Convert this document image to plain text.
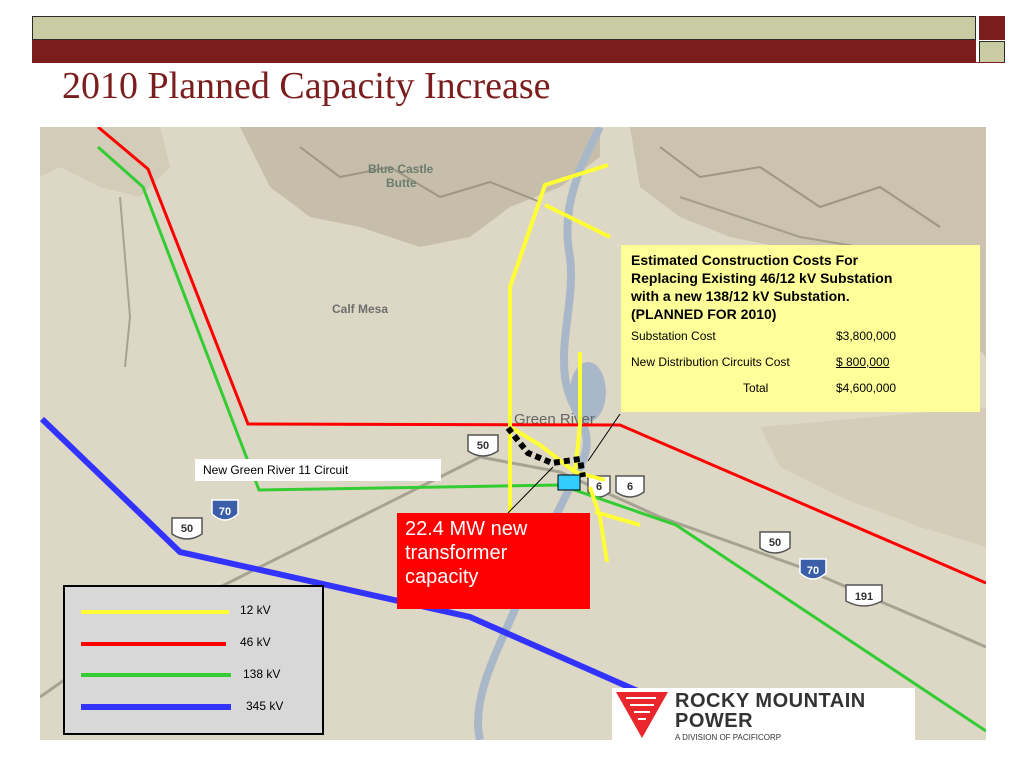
2010 Planned Capacity Increase
Blue Castle
Butte
Calf Mesa
Green River
50
70
50
191
6
50
70
6
Estimated Construction Costs For
Replacing Existing 46/12 kV Substation
with a new 138/12 kV Substation.
(PLANNED FOR 2010)
Substation Cost	$3,800,000
New Distribution Circuits Cost	$ 800,000
Total	$4,600,000
New Green River 11 Circuit
22.4 MW new
transformer
capacity
12 kV
46 kV
138 kV
345 kV	ROCKY MOUNTAIN
POWER
A DIVISION OF PACIFICORP
